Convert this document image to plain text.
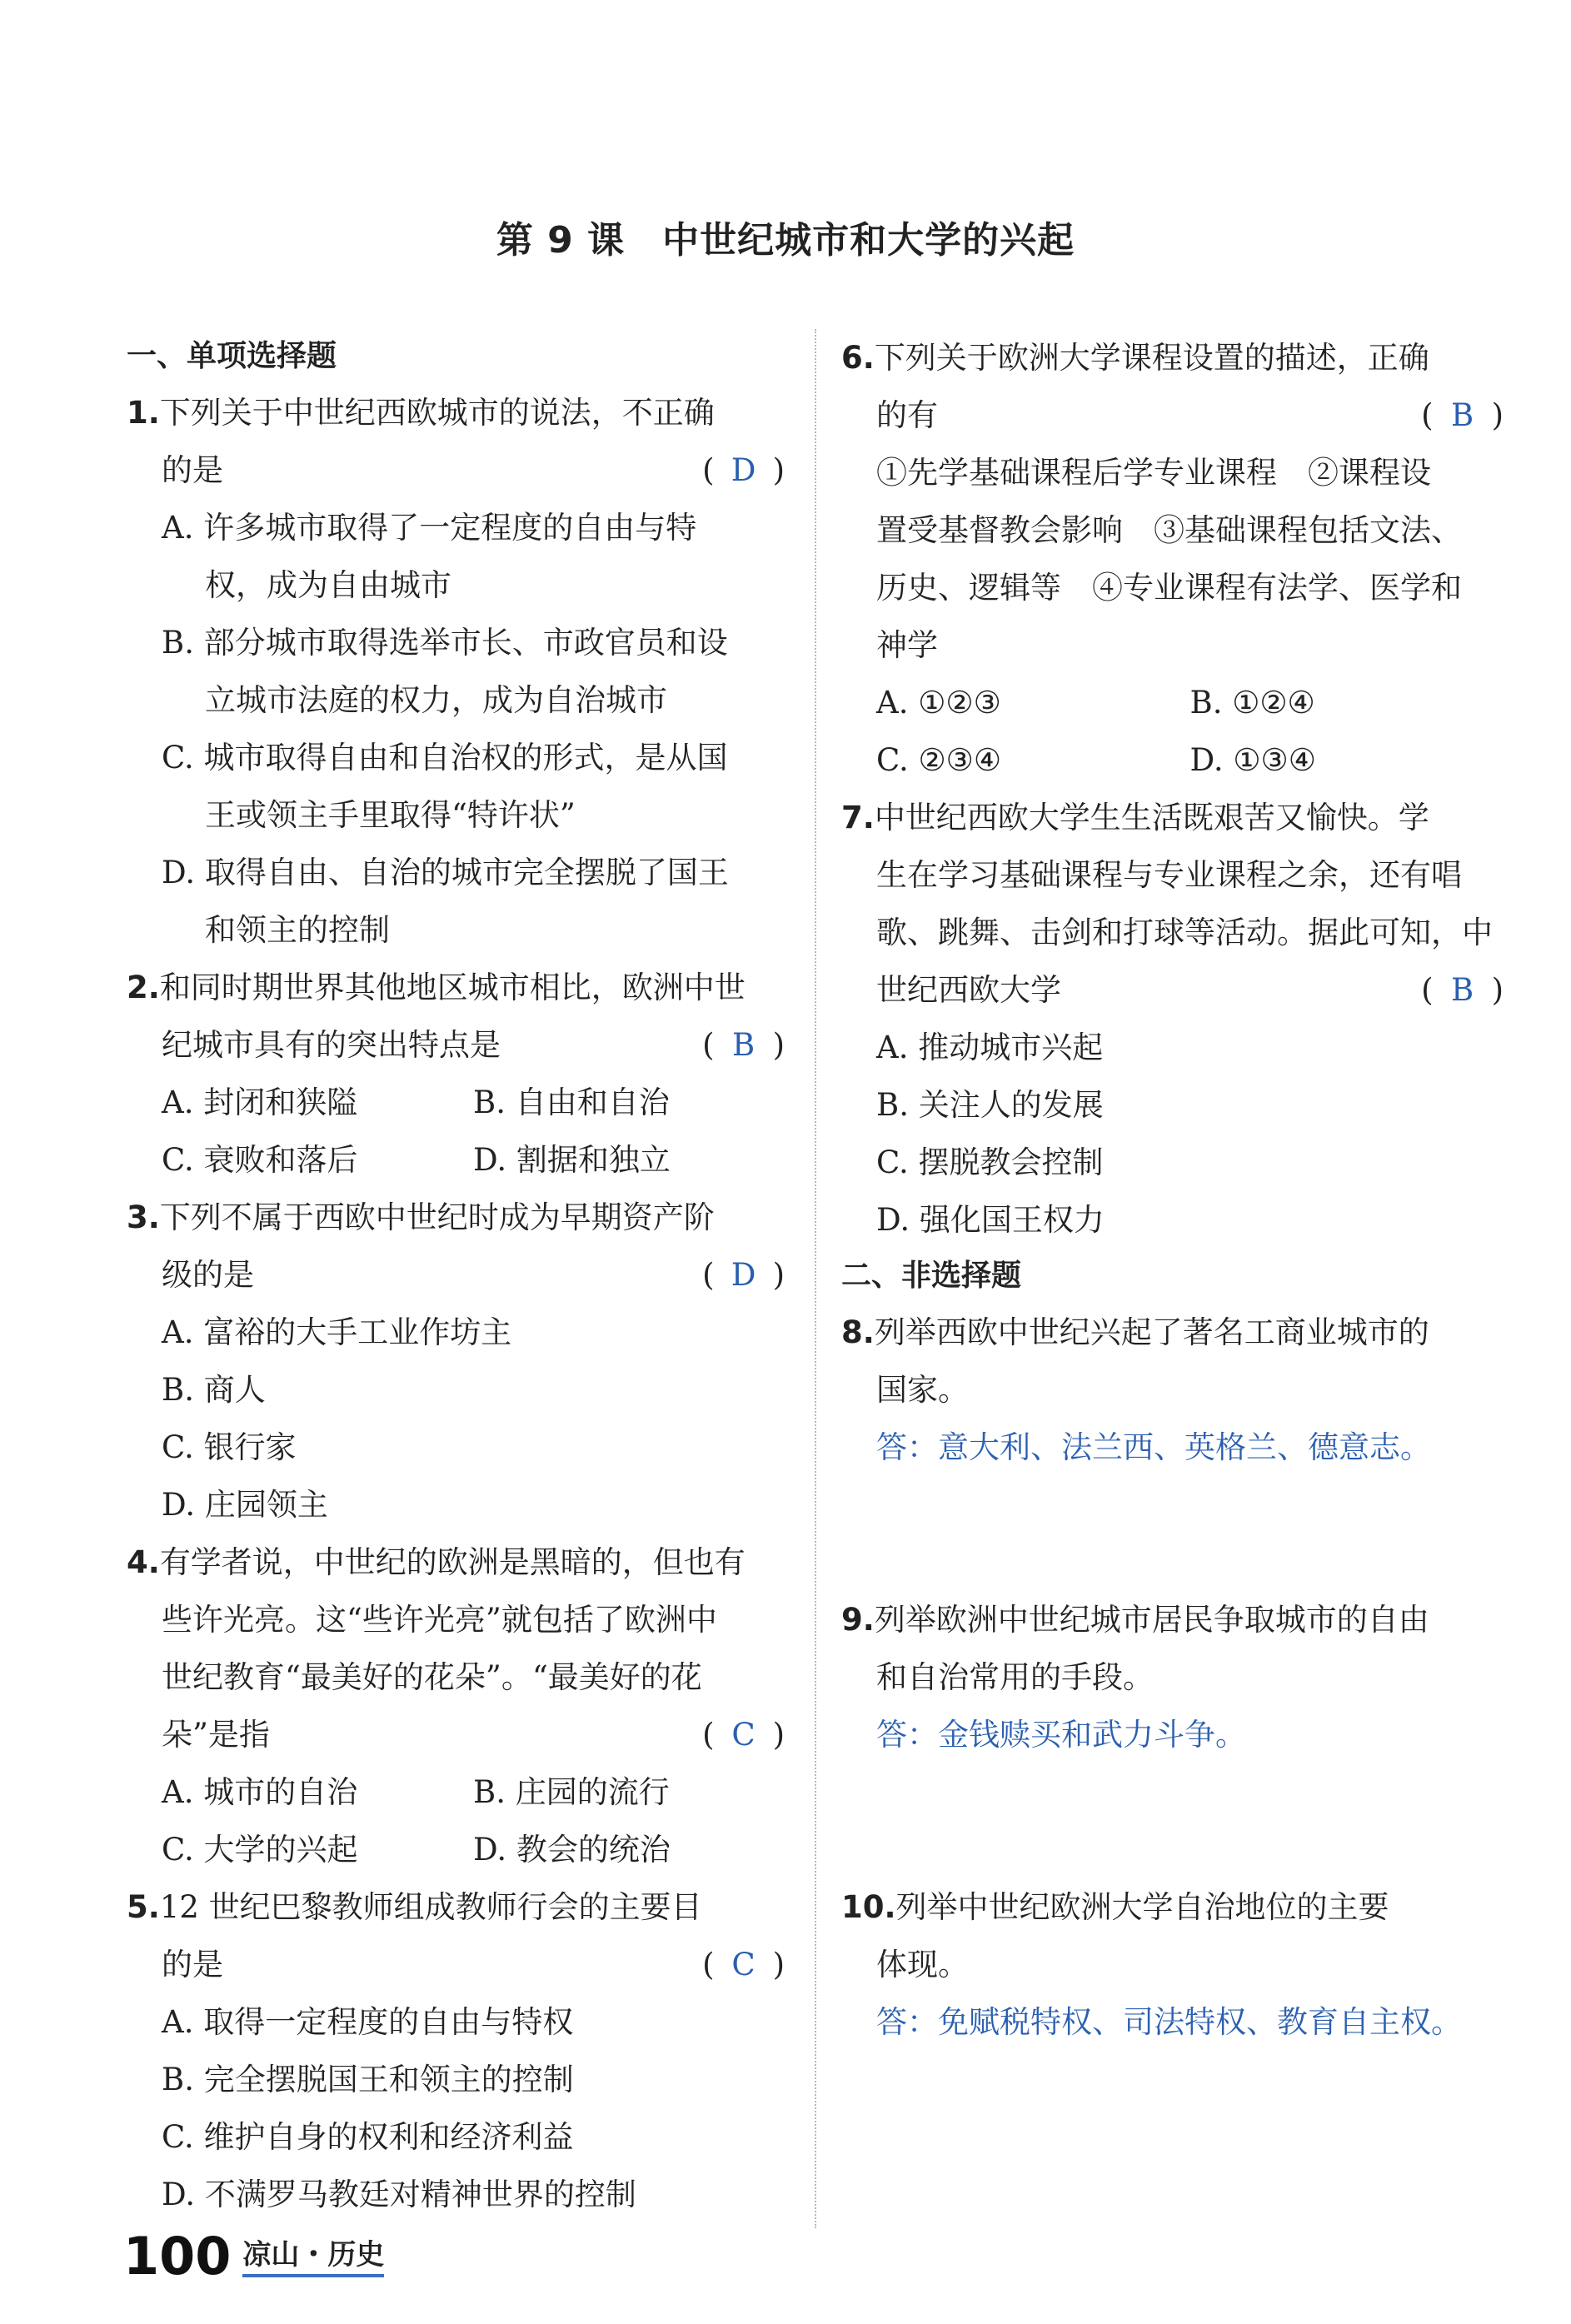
第 9 课　中世纪城市和大学的兴起
一、单项选择题
1.下列关于中世纪西欧城市的说法，不正确
的是	( D )
A. 许多城市取得了一定程度的自由与特
权，成为自由城市
B. 部分城市取得选举市长、市政官员和设
立城市法庭的权力，成为自治城市
C. 城市取得自由和自治权的形式，是从国
王或领主手里取得“特许状”
D. 取得自由、自治的城市完全摆脱了国王
和领主的控制
2.和同时期世界其他地区城市相比，欧洲中世
纪城市具有的突出特点是	( B )
A. 封闭和狭隘	B. 自由和自治
C. 衰败和落后	D. 割据和独立
3.下列不属于西欧中世纪时成为早期资产阶
级的是	( D )
A. 富裕的大手工业作坊主
B. 商人
C. 银行家
D. 庄园领主
4.有学者说，中世纪的欧洲是黑暗的，但也有
些许光亮。这“些许光亮”就包括了欧洲中
世纪教育“最美好的花朵”。“最美好的花
朵”是指	( C )
A. 城市的自治	B. 庄园的流行
C. 大学的兴起	D. 教会的统治
5.12 世纪巴黎教师组成教师行会的主要目
的是	( C )
A. 取得一定程度的自由与特权
B. 完全摆脱国王和领主的控制
C. 维护自身的权利和经济利益
D. 不满罗马教廷对精神世界的控制
6.下列关于欧洲大学课程设置的描述，正确
的有	( B )
①先学基础课程后学专业课程　②课程设
置受基督教会影响　③基础课程包括文法、
历史、逻辑等　④专业课程有法学、医学和
神学
A. ①②③	B. ①②④
C. ②③④	D. ①③④
7.中世纪西欧大学生生活既艰苦又愉快。学
生在学习基础课程与专业课程之余，还有唱
歌、跳舞、击剑和打球等活动。据此可知，中
世纪西欧大学	( B )
A. 推动城市兴起
B. 关注人的发展
C. 摆脱教会控制
D. 强化国王权力
二、非选择题
8.列举西欧中世纪兴起了著名工商业城市的
国家。
答：意大利、法兰西、英格兰、德意志。
9.列举欧洲中世纪城市居民争取城市的自由
和自治常用的手段。
答：金钱赎买和武力斗争。
10.列举中世纪欧洲大学自治地位的主要
体现。
答：免赋税特权、司法特权、教育自主权。
100 凉山・历史
